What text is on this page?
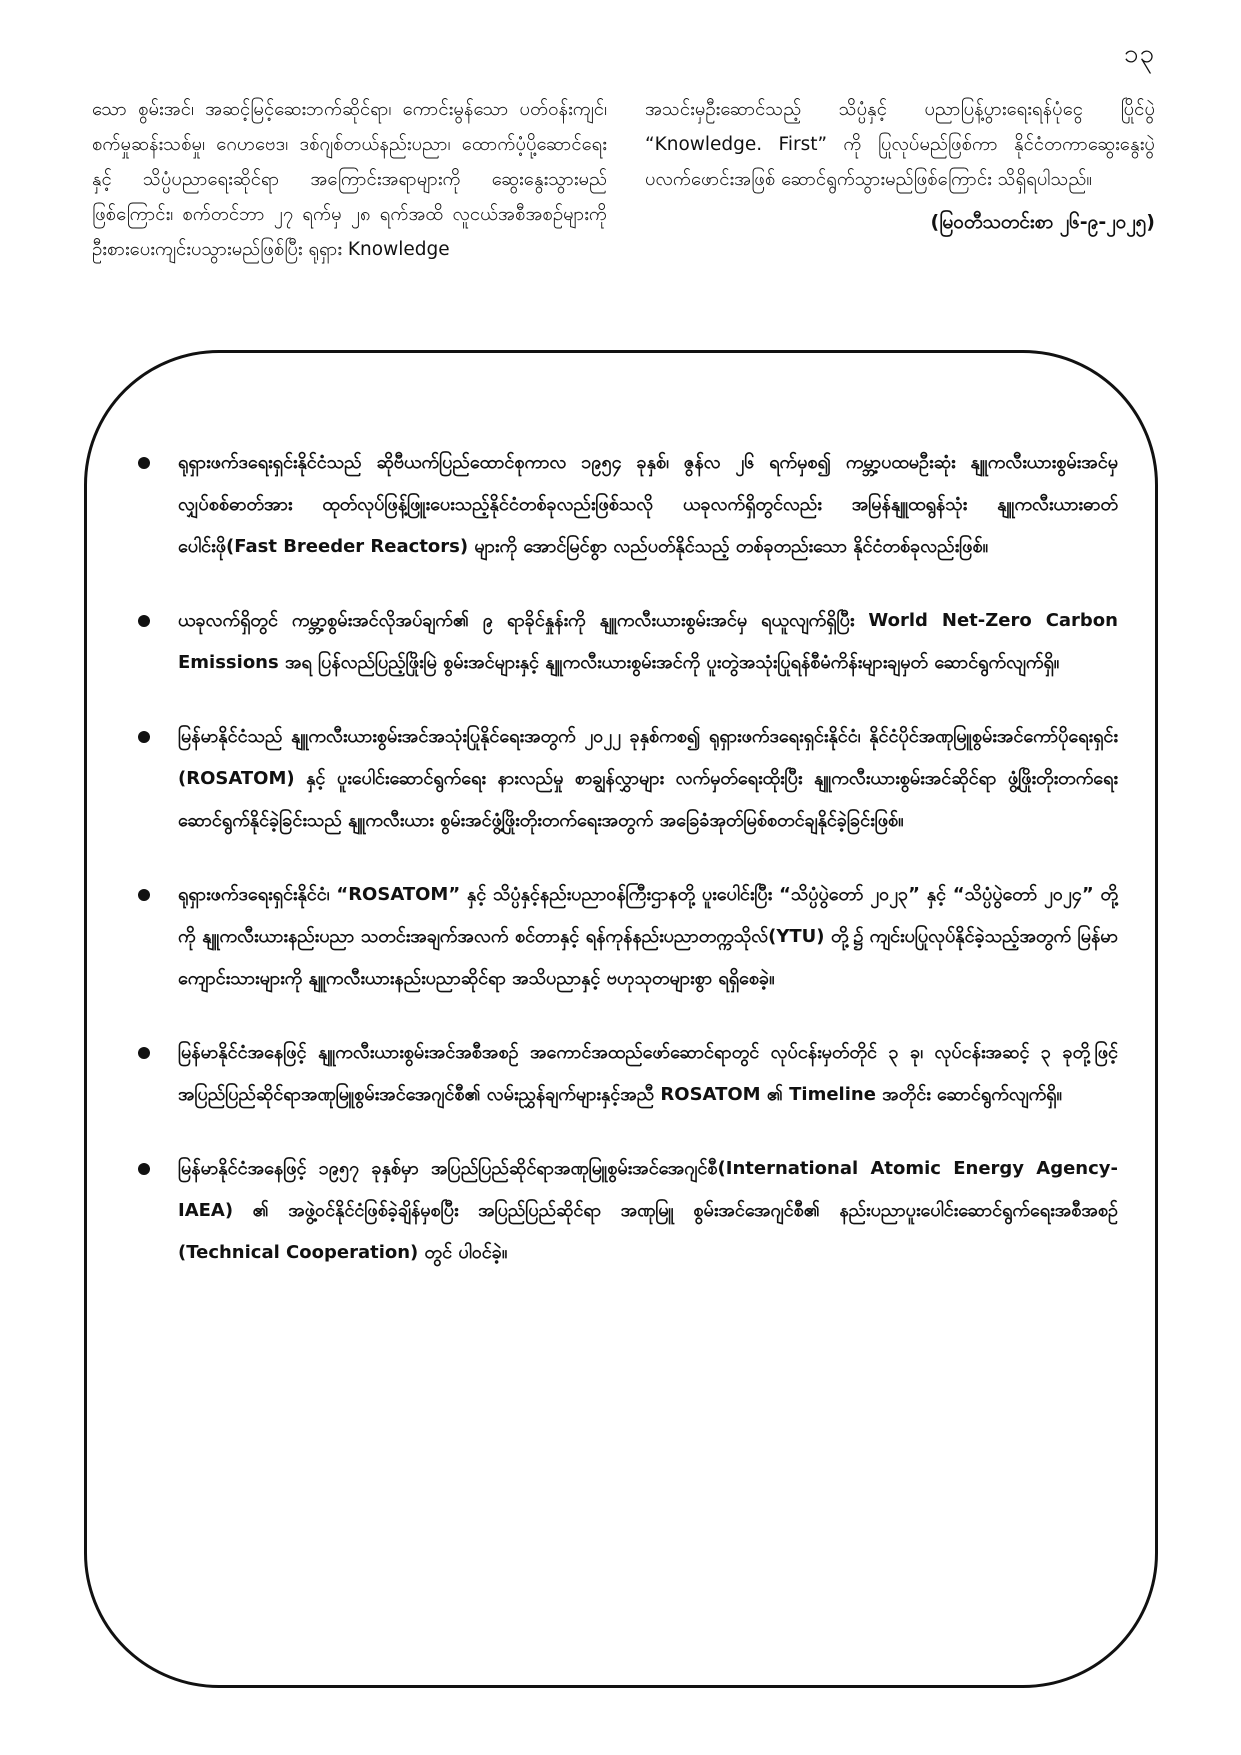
၁၃

သော စွမ်းအင်၊ အဆင့်မြင့်ဆေးဘက်ဆိုင်ရာ၊ ကောင်းမွန်သော ပတ်ဝန်းကျင်၊ စက်မှုဆန်းသစ်မှု၊ ဂေဟဗေဒ၊ ဒစ်ဂျစ်တယ်နည်းပညာ၊ ထောက်ပံ့ပို့ဆောင်ရေးနှင့် သိပ္ပံပညာရေးဆိုင်ရာ အကြောင်းအရာများကို ဆွေးနွေးသွားမည်ဖြစ်ကြောင်း၊ စက်တင်ဘာ ၂၇ ရက်မှ ၂၈ ရက်အထိ လူငယ်အစီအစဉ်များကို ဦးစားပေးကျင်းပသွားမည်ဖြစ်ပြီး ရုရှား Knowledge

အသင်းမှဦးဆောင်သည့် သိပ္ပံနှင့် ပညာပြန့်ပွားရေးရန်ပုံငွေ ပြိုင်ပွဲ “Knowledge. First” ကို ပြုလုပ်မည်ဖြစ်ကာ နိုင်ငံတကာဆွေးနွေးပွဲ ပလက်ဖောင်းအဖြစ် ဆောင်ရွက်သွားမည်ဖြစ်ကြောင်း သိရှိရပါသည်။

(မြဝတီသတင်းစာ ၂၆-၉-၂၀၂၅)

ရုရှားဖက်ဒရေးရှင်းနိုင်ငံသည် ဆိုဗီယက်ပြည်ထောင်စုကာလ ၁၉၅၄ ခုနှစ်၊ ဇွန်လ ၂၆ ရက်မှစ၍ ကမ္ဘာ့ပထမဦးဆုံး နျူကလီးယားစွမ်းအင်မှ လျှပ်စစ်ဓာတ်အား ထုတ်လုပ်ဖြန့်ဖြူးပေးသည့်နိုင်ငံတစ်ခုလည်းဖြစ်သလို ယခုလက်ရှိတွင်လည်း အမြန်နျူထရွန်သုံး နျူကလီးယားဓာတ်ပေါင်းဖို(Fast Breeder Reactors) များကို အောင်မြင်စွာ လည်ပတ်နိုင်သည့် တစ်ခုတည်းသော နိုင်ငံတစ်ခုလည်းဖြစ်။
ယခုလက်ရှိတွင် ကမ္ဘာ့စွမ်းအင်လိုအပ်ချက်၏ ၉ ရာခိုင်နှုန်းကို နျူကလီးယားစွမ်းအင်မှ ရယူလျက်ရှိပြီး World Net-Zero Carbon Emissions အရ ပြန်လည်ပြည့်ဖြိုးမြဲ စွမ်းအင်များနှင့် နျူကလီးယားစွမ်းအင်ကို ပူးတွဲအသုံးပြုရန်စီမံကိန်းများချမှတ် ဆောင်ရွက်လျက်ရှိ။
မြန်မာနိုင်ငံသည် နျူကလီးယားစွမ်းအင်အသုံးပြုနိုင်ရေးအတွက် ၂၀၂၂ ခုနှစ်ကစ၍ ရုရှားဖက်ဒရေးရှင်းနိုင်ငံ၊ နိုင်ငံပိုင်အဏုမြူစွမ်းအင်ကော်ပိုရေးရှင်း (ROSATOM) နှင့် ပူးပေါင်းဆောင်ရွက်ရေး နားလည်မှု စာချွန်လွှာများ လက်မှတ်ရေးထိုးပြီး နျူကလီးယားစွမ်းအင်ဆိုင်ရာ ဖွံ့ဖြိုးတိုးတက်ရေး ဆောင်ရွက်နိုင်ခဲ့ခြင်းသည် နျူကလီးယား စွမ်းအင်ဖွံ့ဖြိုးတိုးတက်ရေးအတွက် အခြေခံအုတ်မြစ်စတင်ချနိုင်ခဲ့ခြင်းဖြစ်။
ရုရှားဖက်ဒရေးရှင်းနိုင်ငံ၊ “ROSATOM” နှင့် သိပ္ပံနှင့်နည်းပညာဝန်ကြီးဌာနတို့ ပူးပေါင်းပြီး “သိပ္ပံပွဲတော် ၂၀၂၃” နှင့် “သိပ္ပံပွဲတော် ၂၀၂၄” တို့ကို နျူကလီးယားနည်းပညာ သတင်းအချက်အလက် စင်တာနှင့် ရန်ကုန်နည်းပညာတက္ကသိုလ်(YTU) တို့၌ ကျင်းပပြုလုပ်နိုင်ခဲ့သည့်အတွက် မြန်မာကျောင်းသားများကို နျူကလီးယားနည်းပညာဆိုင်ရာ အသိပညာနှင့် ဗဟုသုတများစွာ ရရှိစေခဲ့။
မြန်မာနိုင်ငံအနေဖြင့် နျူကလီးယားစွမ်းအင်အစီအစဉ် အကောင်အထည်ဖော်ဆောင်ရာတွင် လုပ်ငန်းမှတ်တိုင် ၃ ခု၊ လုပ်ငန်းအဆင့် ၃ ခုတို့ဖြင့် အပြည်ပြည်ဆိုင်ရာအဏုမြူစွမ်းအင်အေဂျင်စီ၏ လမ်းညွှန်ချက်များနှင့်အညီ ROSATOM ၏ Timeline အတိုင်း ဆောင်ရွက်လျက်ရှိ။
မြန်မာနိုင်ငံအနေဖြင့် ၁၉၅၇ ခုနှစ်မှာ အပြည်ပြည်ဆိုင်ရာအဏုမြူစွမ်းအင်အေဂျင်စီ(International Atomic Energy Agency-IAEA) ၏ အဖွဲ့ဝင်နိုင်ငံဖြစ်ခဲ့ချိန်မှစပြီး အပြည်ပြည်ဆိုင်ရာ အဏုမြူ စွမ်းအင်အေဂျင်စီ၏ နည်းပညာပူးပေါင်းဆောင်ရွက်ရေးအစီအစဉ် (Technical Cooperation) တွင် ပါဝင်ခဲ့။
